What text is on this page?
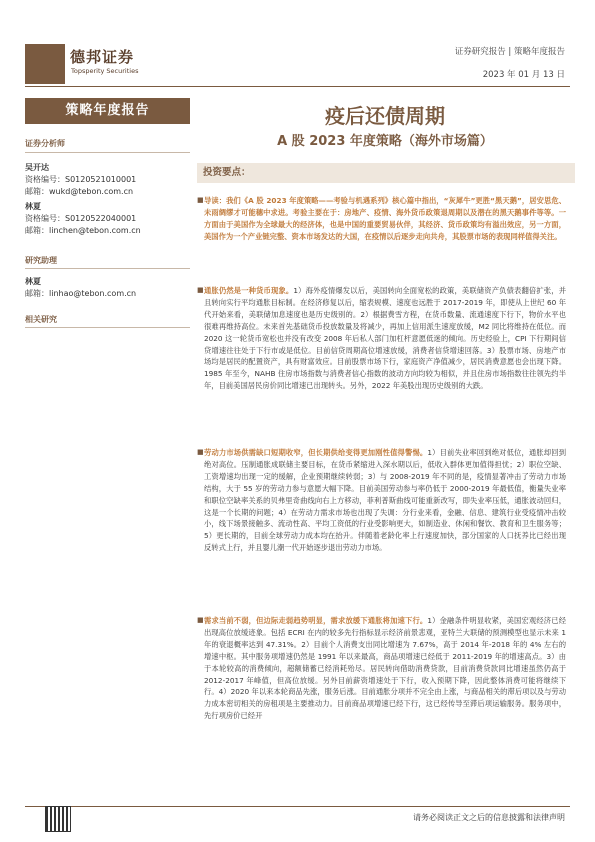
德邦证券
Topsperity Securities
证券研究报告 | 策略年度报告
2023 年 01 月 13 日
策略年度报告
证券分析师
吴开达
资格编号：S0120521010001
邮箱：wukd@tebon.com.cn
林夏
资格编号：S0120522040001
邮箱：linchen@tebon.com.cn
研究助理
林夏
邮箱：linhao@tebon.com.cn
相关研究
疫后还债周期
A 股 2023 年度策略（海外市场篇）
投资要点：
■ 导读：我们《A 股 2023 年度策略——考验与机遇系列》核心篇中指出，“灰犀牛”更胜“黑天鹅”，居安思危、未雨绸缪才可能穗中求进。考验主要在于：房地产、疫情、海外货币政策退周期以及潜在的黑天鹅事件等等。一方面由于美国作为全球最大的经济体，也是中国的重要贸易伙伴，其经济、货币政策均有溢出效应，另一方面，美国作为一个产业链完整、资本市场发达的大国，在疫情以后逐步走向共舟，其股票市场的表现同样值得关注。
■ 通胀仍然是一种货币现象。1）海外疫情爆发以后，美国转向全面宽松的政策，美联储资产负债表翻倍扩张，并且转向实行平均通胀目标制。在经济修复以后，缩表规模、速度也远胜于 2017-2019 年，即使从上世纪 60 年代开始来看，美联储加息速度也是历史级别的。2）根据费雪方程，在货币数量、流通速度下行下，物价水平也很难再维持高位。未来首先基础货币投放数量及将减少，再加上信用派生速度放缓，M2 同比将维持在低位。而 2020 这一轮货币宽松也并没有改变 2008 年后私人部门加杠杆意愿低迷的倾向。历史经验上，CPI 下行期间信贷增速往往处于下行市或是低位。目前信贷周期高位增速放缓，消费者信贷增速回落。3）股票市场、房地产市场均是居民的配置资产，具有财富效应。目前股票市场下行，家庭资产净值减少，居民消费意愿也会出现下降。1985 年至今，NAHB 住房市场指数与消费者信心指数的波动方向均较为相似，并且住房市场指数往往领先约半年，目前美国居民房价同比增速已出现转头。另外，2022 年美股出现历史级别的大跌。
■ 劳动力市场供需缺口短期收窄，但长期供给变得更加刚性值得警惕。1）目前失业率回到绝对低位，通胀却回到绝对高位。压制通胀成联储主要目标，在货币紧缩进入深水期以后，低收入群体更加值得担忧；2）职位空缺、工资增速均出现一定的缓解，企业预期继续转弱；3）与 2008-2019 年不同的是，疫情显著冲击了劳动力市场结构，大于 55 岁的劳动力参与意愿大幅下降。目前美国劳动参与率仍低于 2000-2019 年最低值，衡量失业率和职位空缺率关系的贝弗里奇曲线向右上方移动，菲利普斯曲线可能重新改写，即失业率压低，通胀波动回归，这是一个长期的问题；4）在劳动力需求市场也出现了失调：分行业来看，金融、信息、建筑行业受疫情冲击较小，线下场景接触多、流动性高、平均工资低的行业受影响更大，如制造业、休闲和餐饮、教育和卫生服务等；5）更长期的，目前全球劳动力成本均在抬升。伴随着老龄化率上行速度加快，部分国家的人口抚养比已经出现反转式上行，并且婴儿潮一代开始逐步退出劳动力市场。
■ 需求当前不弱，但边际走弱趋势明显，需求放缓下通胀将加速下行。1）金融条件明显收紧，美国宏观经济已经出现高位放缓迹象。包括 ECRI 在内的较多先行指标显示经济前景悲观，亚特兰大联储的预测模型也显示未来 1 年的衰退概率达到 47.31%。2）目前个人消费支出同比增速为 7.67%，高于 2014 年-2018 年的 4% 左右的增速中枢。其中服务项增速仍然是 1991 年以来最高，商品项增速已经低于 2011-2019 年的增速高点。3）由于本轮较高的消费倾向，超额储蓄已经消耗殆尽。居民转向借助消费贷款，目前消费贷款同比增速虽然仍高于 2012-2017 年峰值，但高位放缓。另外目前薪资增速处于下行，收入预期下降，因此整体消费可能将继续下行。4）2020 年以来本轮商品先涨，服务后涨。目前通胀分项并不完全由上涨，与商品相关的滞后项以及与劳动力成本密切相关的房租项是主要推动力。目前商品项增速已经下行，这已经传导至滞后项运输服务。服务项中，先行项房价已经开
请务必阅读正文之后的信息披露和法律声明
